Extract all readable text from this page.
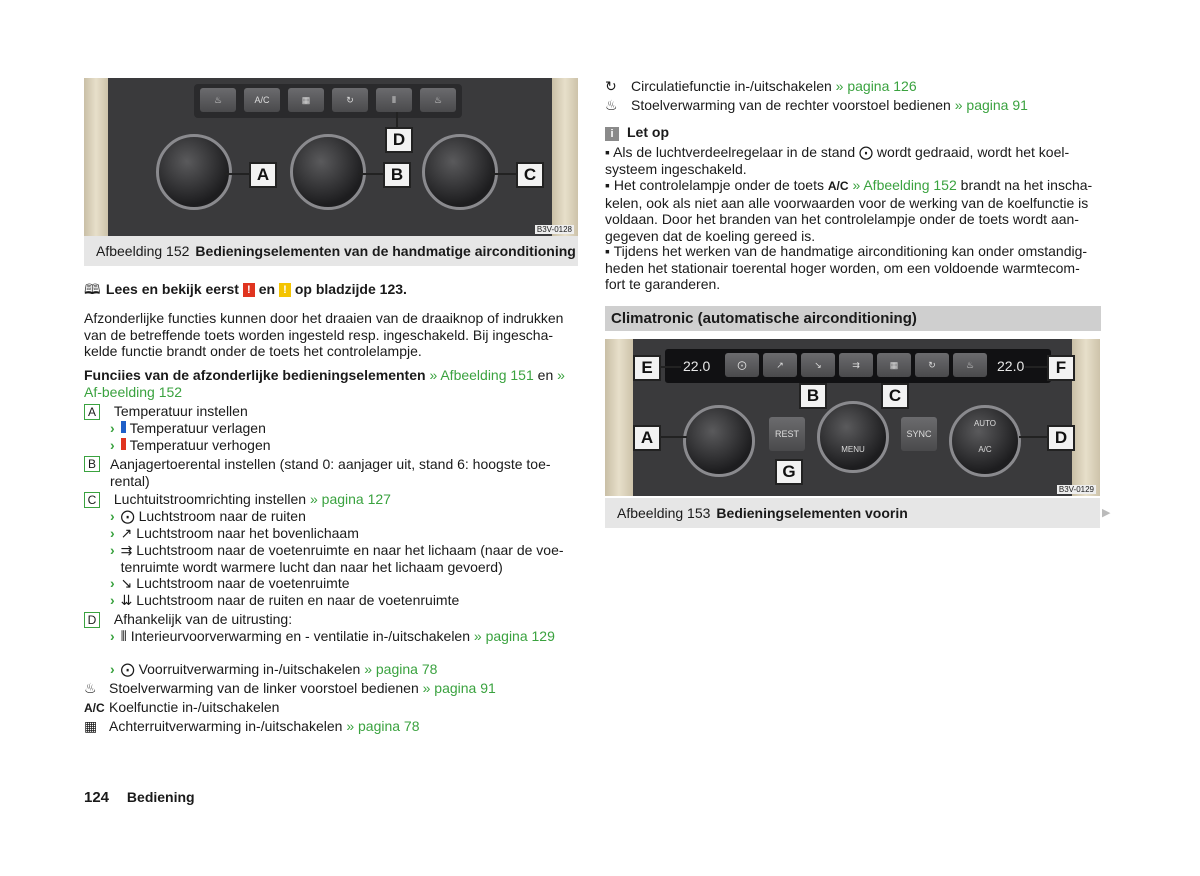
♨	A/C	▦	↻	⦀	♨
D
A	B	C
B3V-0128
Afbeelding 152 Bedieningselementen van de handmatige airconditioning
🕮 Lees en bekijk eerst ! en ! op bladzijde 123.
Afzonderlijke functies kunnen door het draaien van de draaiknop of indrukken van de betreffende toets worden ingesteld resp. ingeschakeld. Bij ingescha-kelde functie brandt onder de toets het controlelampje.
Funciies van de afzonderlijke bedieningselementen » Afbeelding 151 en » Af-beelding 152
A Temperatuur instellen
› Temperatuur verlagen
› Temperatuur verhogen
B Aanjagertoerental instellen (stand 0: aanjager uit, stand 6: hoogste toe-rental)
C Luchtuitstroomrichting instellen » pagina 127
› ⨀ Luchtstroom naar de ruiten
› ↗ Luchtstroom naar het bovenlichaam
› ⇉ Luchtstroom naar de voetenruimte en naar het lichaam (naar de voe-tenruimte wordt warmere lucht dan naar het lichaam gevoerd)
› ↘ Luchtstroom naar de voetenruimte
› ⇊ Luchtstroom naar de ruiten en naar de voetenruimte
D Afhankelijk van de uitrusting:
› ⦀ Interieurvoorverwarming en - ventilatie in-/uitschakelen » pagina 129
› ⨀ Voorruitverwarming in-/uitschakelen » pagina 78
♨ Stoelverwarming van de linker voorstoel bedienen » pagina 91
A/C Koelfunctie in-/uitschakelen
▦ Achterruitverwarming in-/uitschakelen » pagina 78
124 Bediening
↻ Circulatiefunctie in-/uitschakelen » pagina 126
♨ Stoelverwarming van de rechter voorstoel bedienen » pagina 91
i Let op
▪ Als de luchtverdeelregelaar in de stand ⨀ wordt gedraaid, wordt het koel-systeem ingeschakeld.
▪ Het controlelampje onder de toets A/C » Afbeelding 152 brandt na het inscha-kelen, ook als niet aan alle voorwaarden voor de werking van de koelfunctie is voldaan. Door het branden van het controlelampje onder de toets wordt aan-gegeven dat de koeling gereed is.
▪ Tijdens het werken van de handmatige airconditioning kan onder omstandig-heden het stationair toerental hoger worden, om een voldoende warmtecom-fort te garanderen.
Climatronic (automatische airconditioning)
22.0	⨀	↗	↘	⇉	▦	↻	♨	22.0
REST
MENU
SYNC
AUTO
A/C
E	F
A	D
B	C
G
B3V-0129
Afbeelding 153 Bedieningselementen voorin	▶
